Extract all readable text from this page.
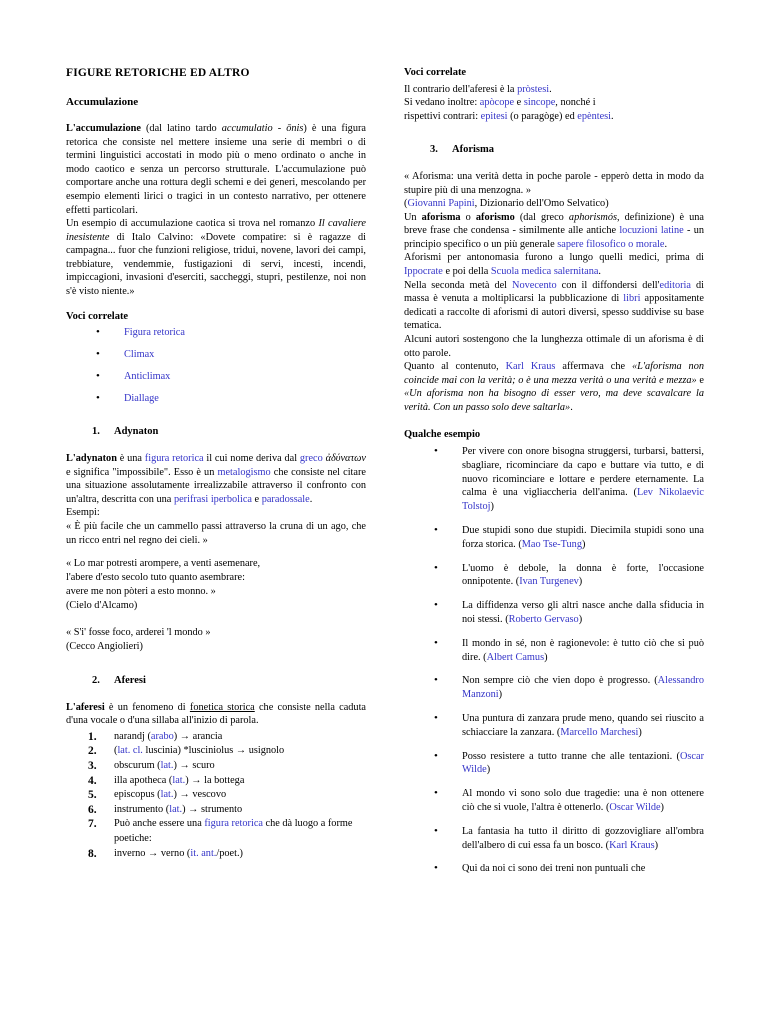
FIGURE RETORICHE ED ALTRO
Accumulazione

L'accumulazione (dal latino tardo accumulatio - ōnis) è una figura retorica che consiste nel mettere insieme una serie di membri o di termini linguistici accostati in modo più o meno ordinato o anche in modo caotico e senza un percorso strutturale. L'accumulazione può comportare anche una rottura degli schemi e dei generi, mescolando per esempio elementi lirici o tragici in un contesto narrativo, per ottenere effetti particolari.

Un esempio di accumulazione caotica si trova nel romanzo Il cavaliere inesistente di Italo Calvino: «Dovete compatire: si è ragazze di campagna... fuor che funzioni religiose, tridui, novene, lavori dei campi, trebbiature, vendemmie, fustigazioni di servi, incesti, incendi, impiccagioni, invasioni d'eserciti, saccheggi, stupri, pestilenze, noi non s'è visto niente.»

Voci correlate
• Figura retorica
• Climax
• Anticlimax
• Diallage
1. Adynaton

L'adynaton è una figura retorica il cui nome deriva dal greco ἀδύνατων e significa "impossibile". Esso è un metalogismo che consiste nel citare una situazione assolutamente irrealizzabile attraverso il confronto con un'altra, descritta con una perifrasi iperbolica e paradossale.

Esempi:

« È più facile che un cammello passi attraverso la cruna di un ago, che un ricco entri nel regno dei cieli. »

« Lo mar potresti arompere, a venti asemenare,
l'abere d'esto secolo tuto quanto asembrare:
avere me non pòteri a esto monno. »
(Cielo d'Alcamo)

« S'i' fosse foco, arderei 'l mondo »
(Cecco Angiolieri)

2. Aferesi

L'aferesi è un fenomeno di fonetica storica che consiste nella caduta d'una vocale o d'una sillaba all'inizio di parola.

narandj (arabo) → arancia
(lat. cl. luscinia) *lusciniolus → usignolo
obscurum (lat.) → scuro
illa apotheca (lat.) → la bottega
episcopus (lat.) → vescovo
instrumento (lat.) → strumento
Può anche essere una figura retorica che dà luogo a forme poetiche:
inverno → verno (it. ant./poet.)
Voci correlate

Il contrario dell'aferesi è la pròstesi.
Si vedano inoltre: apòcope e sincope, nonché i
rispettivi contrari: epitesi (o paragòge) ed epèntesi.

3. Aforisma

« Aforisma: una verità detta in poche parole - epperò detta in modo da stupire più di una menzogna. »

(Giovanni Papini, Dizionario dell'Omo Selvatico)

Un aforisma o aforismo (dal greco aphorismós, definizione) è una breve frase che condensa - similmente alle antiche locuzioni latine - un principio specifico o un più generale sapere filosofico o morale.

Aforismi per antonomasia furono a lungo quelli medici, prima di Ippocrate e poi della Scuola medica salernitana.

Nella seconda metà del Novecento con il diffondersi dell'editoria di massa è venuta a moltiplicarsi la pubblicazione di libri appositamente dedicati a raccolte di aforismi di autori diversi, spesso suddivise su base tematica.

Alcuni autori sostengono che la lunghezza ottimale di un aforisma è di otto parole.

Quanto al contenuto, Karl Kraus affermava che «L'aforisma non coincide mai con la verità; o è una mezza verità o una verità e mezza» e «Un aforisma non ha bisogno di esser vero, ma deve scavalcare la verità. Con un passo solo deve saltarla».

Qualche esempio
• Per vivere con onore bisogna struggersi, turbarsi, battersi, sbagliare, ricominciare da capo e buttare via tutto, e di nuovo ricominciare e lottare e perdere eternamente. La calma è una vigliaccheria dell'anima. (Lev Nikolaevic Tolstoj)
• Due stupidi sono due stupidi. Diecimila stupidi sono una forza storica. (Mao Tse-Tung)
• L'uomo è debole, la donna è forte, l'occasione onnipotente. (Ivan Turgenev)
• La diffidenza verso gli altri nasce anche dalla sfiducia in noi stessi. (Roberto Gervaso)
• Il mondo in sé, non è ragionevole: è tutto ciò che si può dire. (Albert Camus)
• Non sempre ciò che vien dopo è progresso. (Alessandro Manzoni)
• Una puntura di zanzara prude meno, quando sei riuscito a schiacciare la zanzara. (Marcello Marchesi)
• Posso resistere a tutto tranne che alle tentazioni. (Oscar Wilde)
• Al mondo vi sono solo due tragedie: una è non ottenere ciò che si vuole, l'altra è ottenerlo. (Oscar Wilde)
• La fantasia ha tutto il diritto di gozzovigliare all'ombra dell'albero di cui essa fa un bosco. (Karl Kraus)
• Qui da noi ci sono dei treni non puntuali che
